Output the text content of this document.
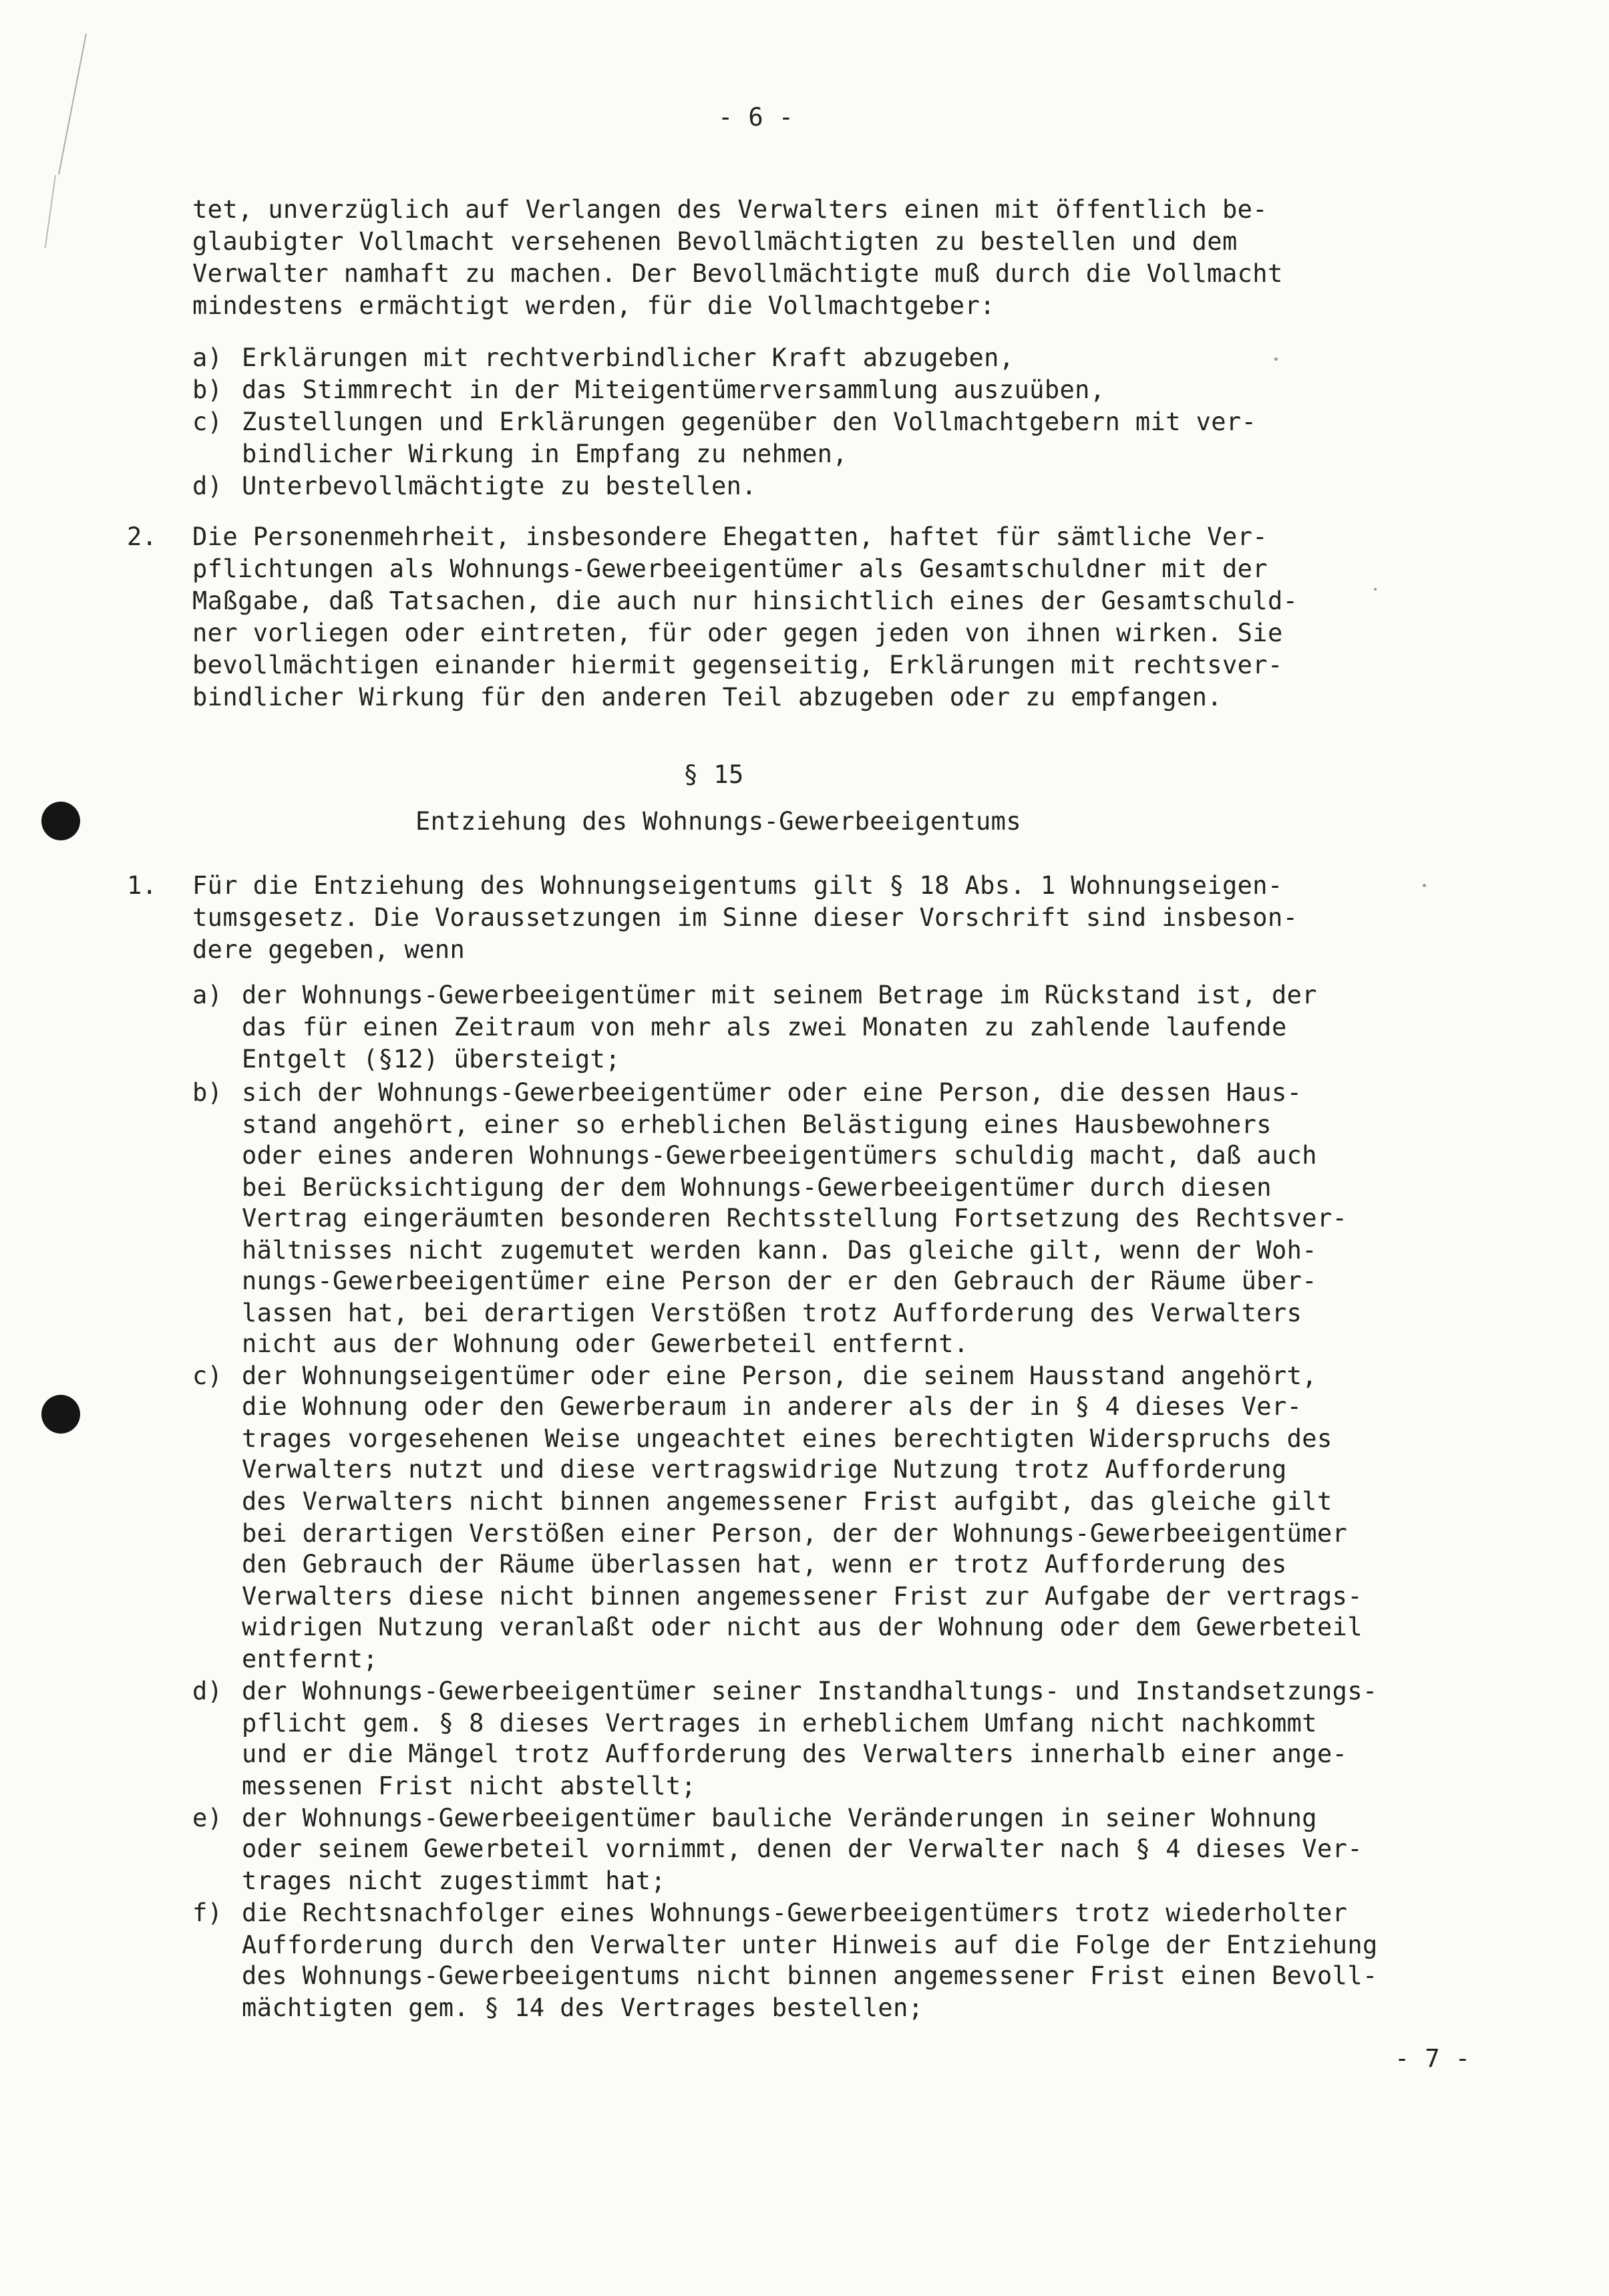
- 6 -
tet, unverzüglich auf Verlangen des Verwalters einen mit öffentlich be-
glaubigter Vollmacht versehenen Bevollmächtigten zu bestellen und dem
Verwalter namhaft zu machen. Der Bevollmächtigte muß durch die Vollmacht
mindestens ermächtigt werden, für die Vollmachtgeber:
a) Erklärungen mit rechtverbindlicher Kraft abzugeben,
b) das Stimmrecht in der Miteigentümerversammlung auszuüben,
c) Zustellungen und Erklärungen gegenüber den Vollmachtgebern mit ver-
bindlicher Wirkung in Empfang zu nehmen,
d) Unterbevollmächtigte zu bestellen.
2. Die Personenmehrheit, insbesondere Ehegatten, haftet für sämtliche Ver-
pflichtungen als Wohnungs-Gewerbeeigentümer als Gesamtschuldner mit der
Maßgabe, daß Tatsachen, die auch nur hinsichtlich eines der Gesamtschuld-
ner vorliegen oder eintreten, für oder gegen jeden von ihnen wirken. Sie
bevollmächtigen einander hiermit gegenseitig, Erklärungen mit rechtsver-
bindlicher Wirkung für den anderen Teil abzugeben oder zu empfangen.
§ 15
Entziehung des Wohnungs-Gewerbeeigentums
1. Für die Entziehung des Wohnungseigentums gilt § 18 Abs. 1 Wohnungseigen-
tumsgesetz. Die Voraussetzungen im Sinne dieser Vorschrift sind insbeson-
dere gegeben, wenn
a) der Wohnungs-Gewerbeeigentümer mit seinem Betrage im Rückstand ist, der
das für einen Zeitraum von mehr als zwei Monaten zu zahlende laufende
Entgelt (§12) übersteigt;
b) sich der Wohnungs-Gewerbeeigentümer oder eine Person, die dessen Haus-
stand angehört, einer so erheblichen Belästigung eines Hausbewohners
oder eines anderen Wohnungs-Gewerbeeigentümers schuldig macht, daß auch
bei Berücksichtigung der dem Wohnungs-Gewerbeeigentümer durch diesen
Vertrag eingeräumten besonderen Rechtsstellung Fortsetzung des Rechtsver-
hältnisses nicht zugemutet werden kann. Das gleiche gilt, wenn der Woh-
nungs-Gewerbeeigentümer eine Person der er den Gebrauch der Räume über-
lassen hat, bei derartigen Verstößen trotz Aufforderung des Verwalters
nicht aus der Wohnung oder Gewerbeteil entfernt.
c) der Wohnungseigentümer oder eine Person, die seinem Hausstand angehört,
die Wohnung oder den Gewerberaum in anderer als der in § 4 dieses Ver-
trages vorgesehenen Weise ungeachtet eines berechtigten Widerspruchs des
Verwalters nutzt und diese vertragswidrige Nutzung trotz Aufforderung
des Verwalters nicht binnen angemessener Frist aufgibt, das gleiche gilt
bei derartigen Verstößen einer Person, der der Wohnungs-Gewerbeeigentümer
den Gebrauch der Räume überlassen hat, wenn er trotz Aufforderung des
Verwalters diese nicht binnen angemessener Frist zur Aufgabe der vertrags-
widrigen Nutzung veranlaßt oder nicht aus der Wohnung oder dem Gewerbeteil
entfernt;
d) der Wohnungs-Gewerbeeigentümer seiner Instandhaltungs- und Instandsetzungs-
pflicht gem. § 8 dieses Vertrages in erheblichem Umfang nicht nachkommt
und er die Mängel trotz Aufforderung des Verwalters innerhalb einer ange-
messenen Frist nicht abstellt;
e) der Wohnungs-Gewerbeeigentümer bauliche Veränderungen in seiner Wohnung
oder seinem Gewerbeteil vornimmt, denen der Verwalter nach § 4 dieses Ver-
trages nicht zugestimmt hat;
f) die Rechtsnachfolger eines Wohnungs-Gewerbeeigentümers trotz wiederholter
Aufforderung durch den Verwalter unter Hinweis auf die Folge der Entziehung
des Wohnungs-Gewerbeeigentums nicht binnen angemessener Frist einen Bevoll-
mächtigten gem. § 14 des Vertrages bestellen;
- 7 -
